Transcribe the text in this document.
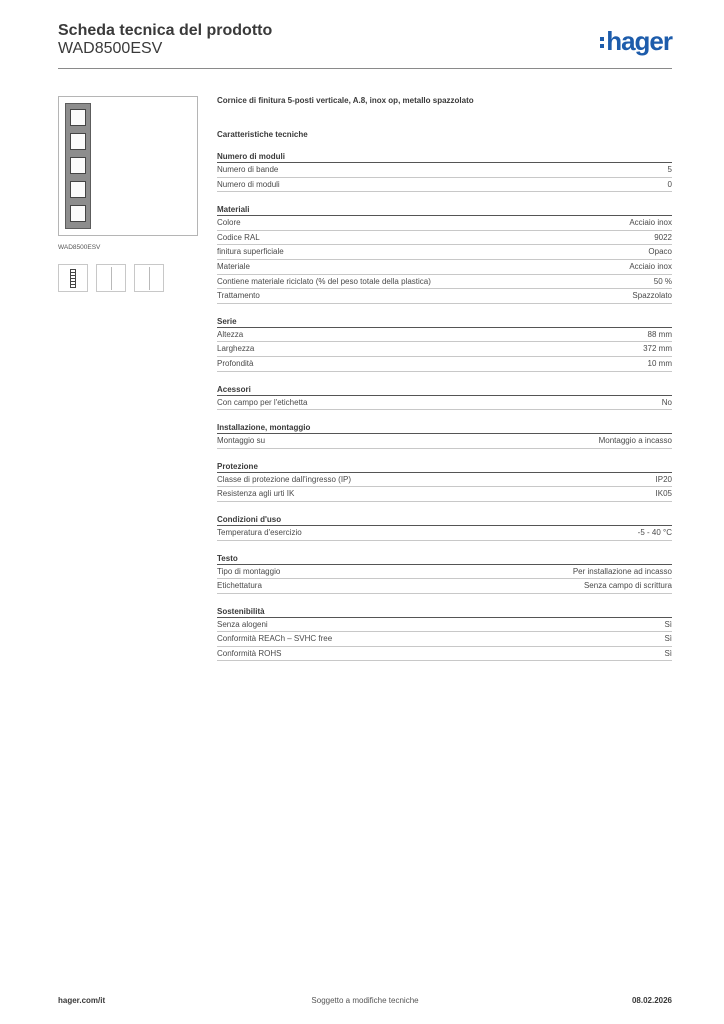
Scheda tecnica del prodotto
WAD8500ESV	hager
WAD8500ESV
Cornice di finitura 5-posti verticale, A.8, inox op, metallo spazzolato
Caratteristiche tecniche
Numero di moduli
Numero di bande	5
Numero di moduli	0
Materiali
Colore	Acciaio inox
Codice RAL	9022
finitura superficiale	Opaco
Materiale	Acciaio inox
Contiene materiale riciclato (% del peso totale della plastica)	50 %
Trattamento	Spazzolato
Serie
Altezza	88 mm
Larghezza	372 mm
Profondità	10 mm
Acessori
Con campo per l'etichetta	No
Installazione, montaggio
Montaggio su	Montaggio a incasso
Protezione
Classe di protezione dall'ingresso (IP)	IP20
Resistenza agli urti IK	IK05
Condizioni d'uso
Temperatura d'esercizio	-5 - 40 °C
Testo
Tipo di montaggio	Per installazione ad incasso
Etichettatura	Senza campo di scrittura
Sostenibilità
Senza alogeni	Sì
Conformità REACh – SVHC free	Sì
Conformità ROHS	Sì
hager.com/it	Soggetto a modifiche tecniche	08.02.2026
